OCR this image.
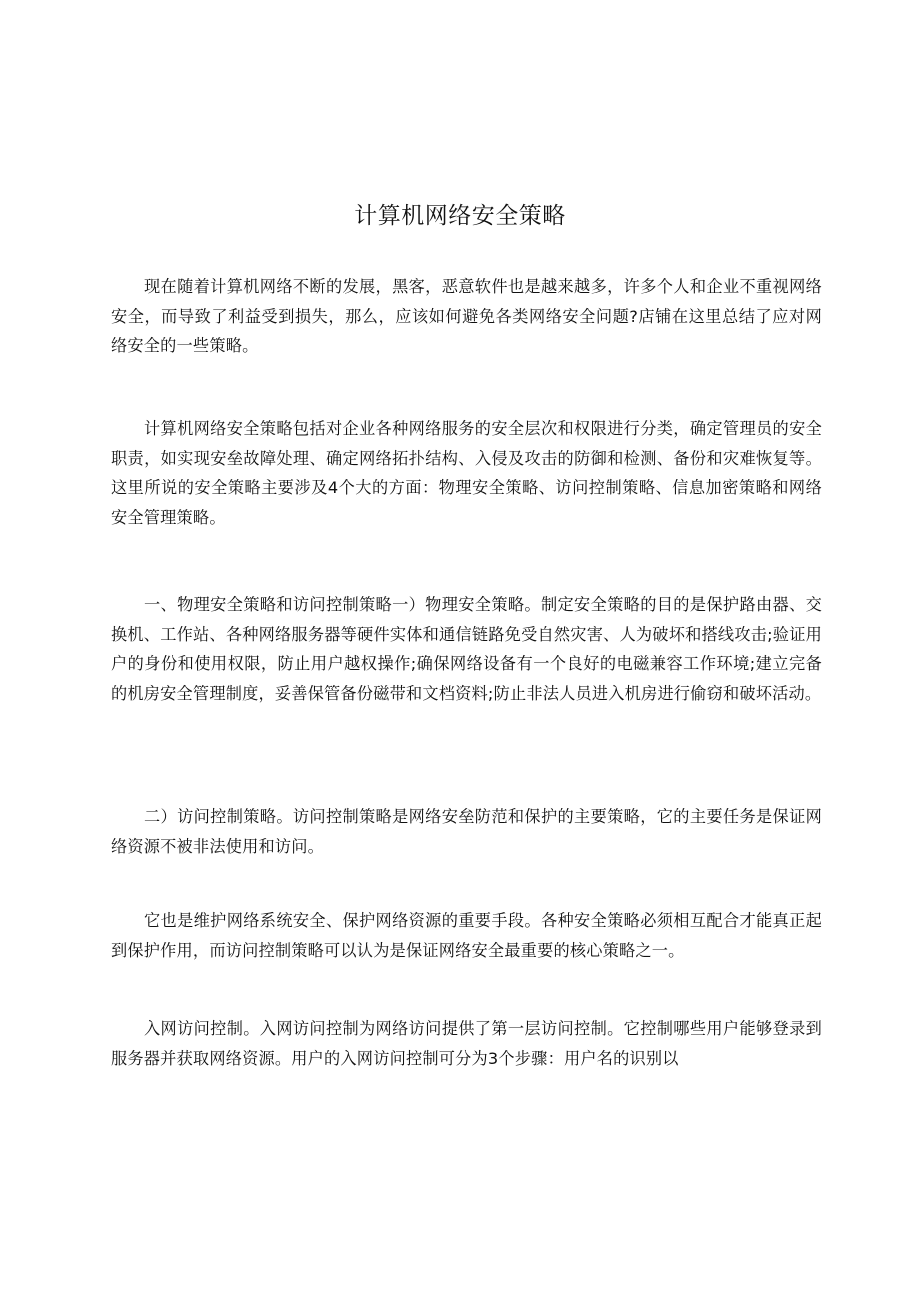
计算机网络安全策略

现在随着计算机网络不断的发展，黑客，恶意软件也是越来越多，许多个人和企业不重视网络安全，而导致了利益受到损失，那么，应该如何避免各类网络安全问题?店铺在这里总结了应对网络安全的一些策略。

计算机网络安全策略包括对企业各种网络服务的安全层次和权限进行分类，确定管理员的安全职责，如实现安垒故障处理、确定网络拓扑结构、入侵及攻击的防御和检测、备份和灾难恢复等。这里所说的安全策略主要涉及4个大的方面：物理安全策略、访问控制策略、信息加密策略和网络安全管理策略。

一、物理安全策略和访问控制策略一）物理安全策略。制定安全策略的目的是保护路由器、交换机、工作站、各种网络服务器等硬件实体和通信链路免受自然灾害、人为破坏和搭线攻击;验证用户的身份和使用权限，防止用户越权操作;确保网络设备有一个良好的电磁兼容工作环境;建立完备的机房安全管理制度，妥善保管备份磁带和文档资料;防止非法人员进入机房进行偷窃和破坏活动。

二）访问控制策略。访问控制策略是网络安垒防范和保护的主要策略，它的主要任务是保证网络资源不被非法使用和访问。

它也是维护网络系统安全、保护网络资源的重要手段。各种安全策略必须相互配合才能真正起到保护作用，而访问控制策略可以认为是保证网络安全最重要的核心策略之一。

入网访问控制。入网访问控制为网络访问提供了第一层访问控制。它控制哪些用户能够登录到服务器并获取网络资源。用户的入网访问控制可分为3个步骤：用户名的识别以
